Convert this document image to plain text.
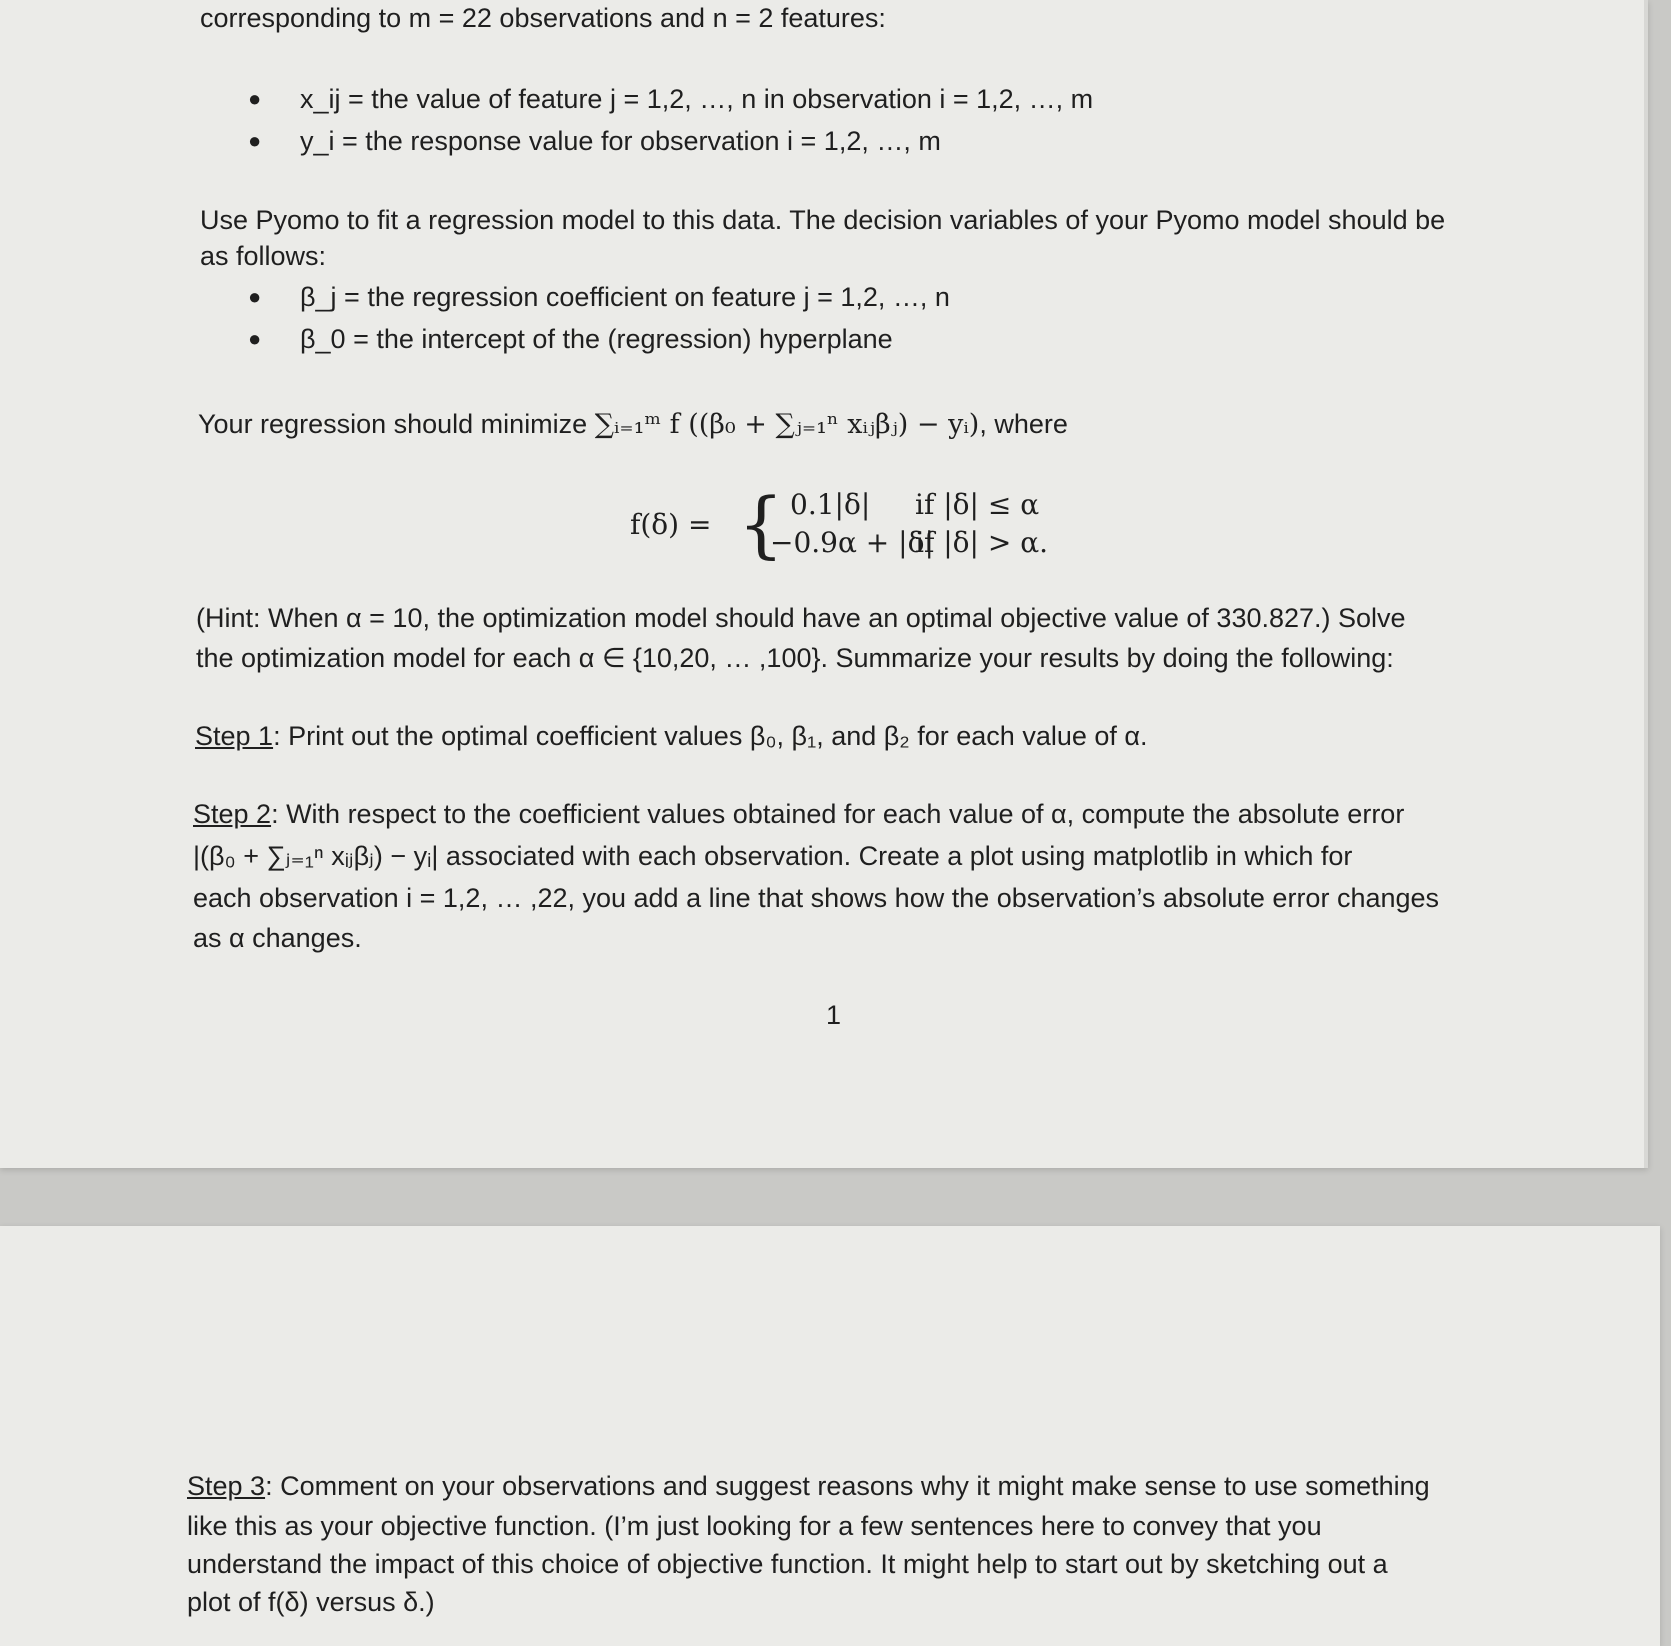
corresponding to m = 22 observations and n = 2 features:
● x_ij = the value of feature j = 1,2, …, n in observation i = 1,2, …, m
● y_i = the response value for observation i = 1,2, …, m
Use Pyomo to fit a regression model to this data. The decision variables of your Pyomo model should be
as follows:
● β_j = the regression coefficient on feature j = 1,2, …, n
● β_0 = the intercept of the (regression) hyperplane
Your regression should minimize ∑ᵢ₌₁ᵐ f ((β₀ + ∑ⱼ₌₁ⁿ xᵢⱼβⱼ) − yᵢ), where
f(δ) = { 0.1|δ| if |δ| ≤ α
−0.9α + |δ|
if |δ| > α.
(Hint: When α = 10, the optimization model should have an optimal objective value of 330.827.) Solve
the optimization model for each α ∈ {10,20, … ,100}. Summarize your results by doing the following:
Step 1: Print out the optimal coefficient values β₀, β₁, and β₂ for each value of α.
Step 2: With respect to the coefficient values obtained for each value of α, compute the absolute error
|(β₀ + ∑ⱼ₌₁ⁿ xᵢⱼβⱼ) − yᵢ| associated with each observation. Create a plot using matplotlib in which for
each observation i = 1,2, … ,22, you add a line that shows how the observation’s absolute error changes
as α changes.
1
Step 3: Comment on your observations and suggest reasons why it might make sense to use something
like this as your objective function. (I’m just looking for a few sentences here to convey that you
understand the impact of this choice of objective function. It might help to start out by sketching out a
plot of f(δ) versus δ.)
